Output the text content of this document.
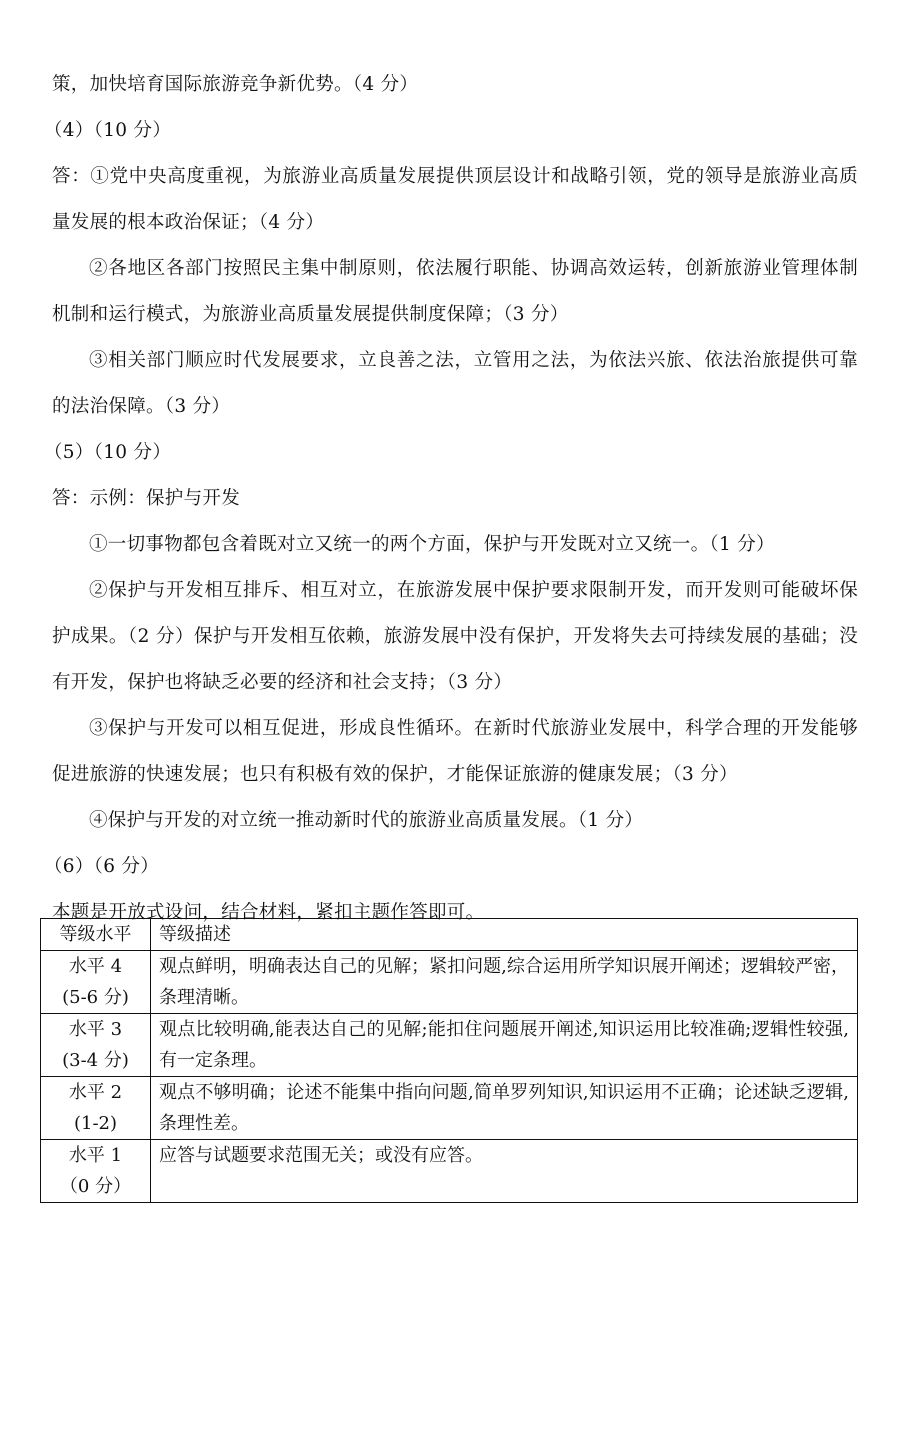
策，加快培育国际旅游竞争新优势。（4 分）

（4）（10 分）

答：①党中央高度重视，为旅游业高质量发展提供顶层设计和战略引领，党的领导是旅游业高质量发展的根本政治保证；（4 分）

②各地区各部门按照民主集中制原则，依法履行职能、协调高效运转，创新旅游业管理体制机制和运行模式，为旅游业高质量发展提供制度保障；（3 分）

③相关部门顺应时代发展要求，立良善之法，立管用之法，为依法兴旅、依法治旅提供可靠的法治保障。（3 分）

（5）（10 分）

答：示例：保护与开发

①一切事物都包含着既对立又统一的两个方面，保护与开发既对立又统一。（1 分）

②保护与开发相互排斥、相互对立，在旅游发展中保护要求限制开发，而开发则可能破坏保护成果。（2 分）保护与开发相互依赖，旅游发展中没有保护，开发将失去可持续发展的基础；没有开发，保护也将缺乏必要的经济和社会支持；（3 分）

③保护与开发可以相互促进，形成良性循环。在新时代旅游业发展中，科学合理的开发能够促进旅游的快速发展；也只有积极有效的保护，才能保证旅游的健康发展；（3 分）

④保护与开发的对立统一推动新时代的旅游业高质量发展。（1 分）

（6）（6 分）

本题是开放式设问，结合材料，紧扣主题作答即可。

等级水平	等级描述

水平 4
(5-6 分)	观点鲜明，明确表达自己的见解；紧扣问题,综合运用所学知识展开阐述；逻辑较严密，条理清晰。

水平 3
(3-4 分)	观点比较明确,能表达自己的见解;能扣住问题展开阐述,知识运用比较准确;逻辑性较强,有一定条理。

水平 2
(1-2)	观点不够明确；论述不能集中指向问题,简单罗列知识,知识运用不正确；论述缺乏逻辑,条理性差。

水平 1
（0 分）	应答与试题要求范围无关；或没有应答。
